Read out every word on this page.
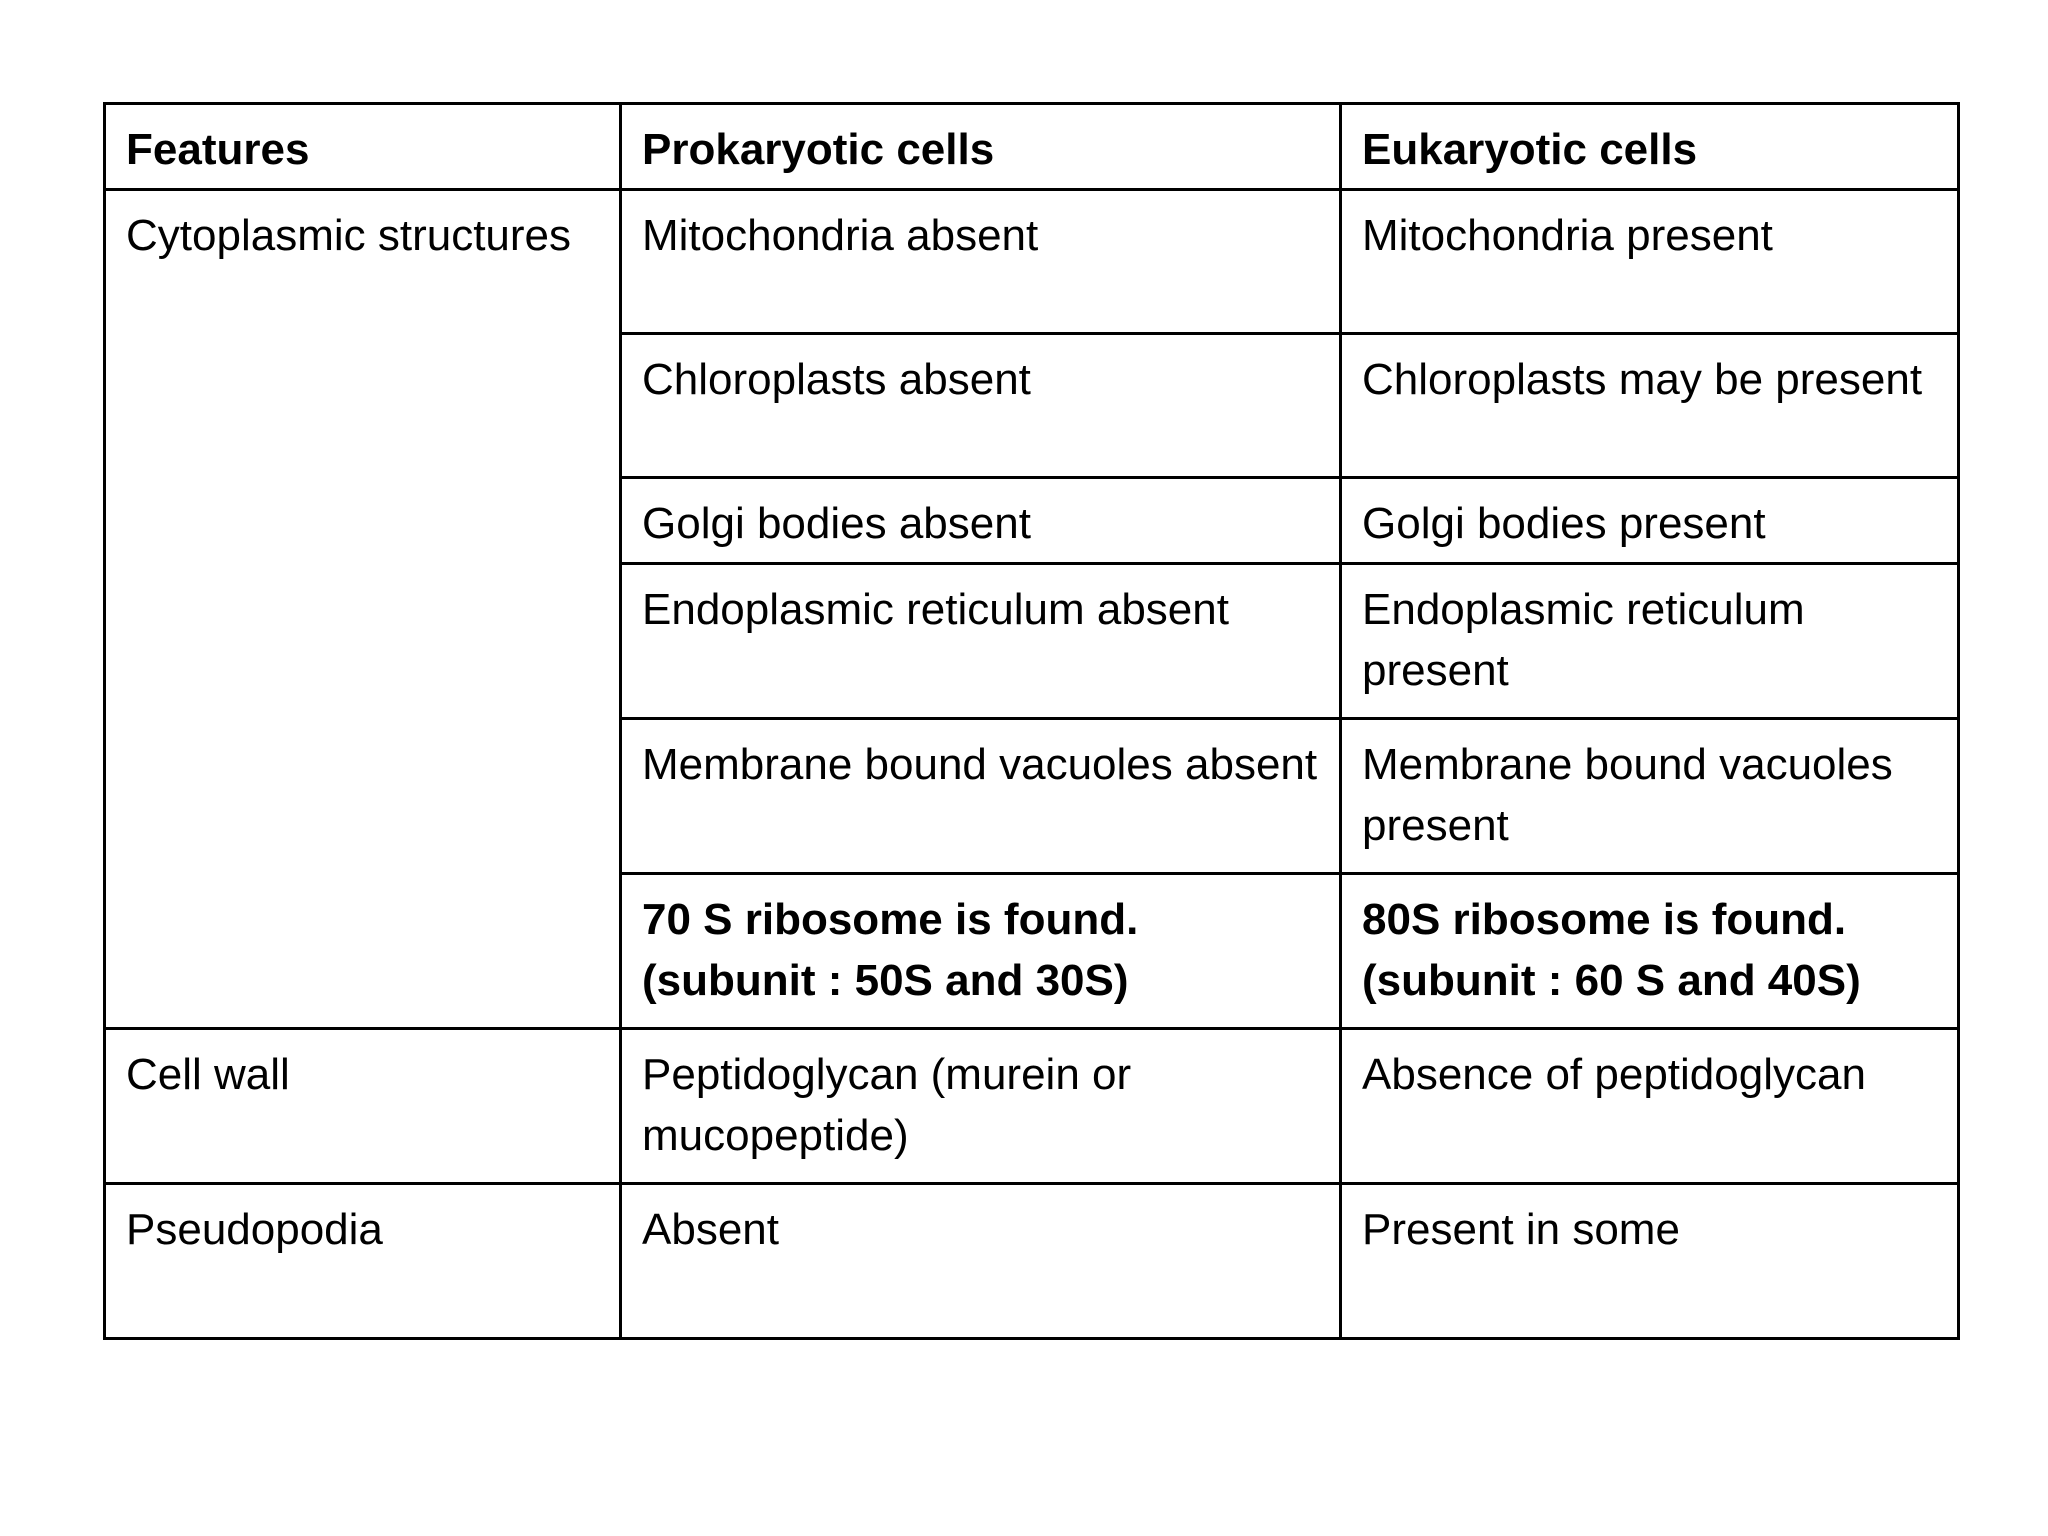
Features	Prokaryotic cells	Eukaryotic cells
Cytoplasmic structures	Mitochondria absent	Mitochondria present
	Chloroplasts absent	Chloroplasts may be present
	Golgi bodies absent	Golgi bodies present
	Endoplasmic reticulum absent	Endoplasmic reticulum present
	Membrane bound vacuoles absent	Membrane bound vacuoles present
	70 S ribosome is found. (subunit : 50S and 30S)	80S ribosome is found. (subunit : 60 S and 40S)
Cell wall	Peptidoglycan (murein or mucopeptide)	Absence of peptidoglycan
Pseudopodia	Absent	Present in some
